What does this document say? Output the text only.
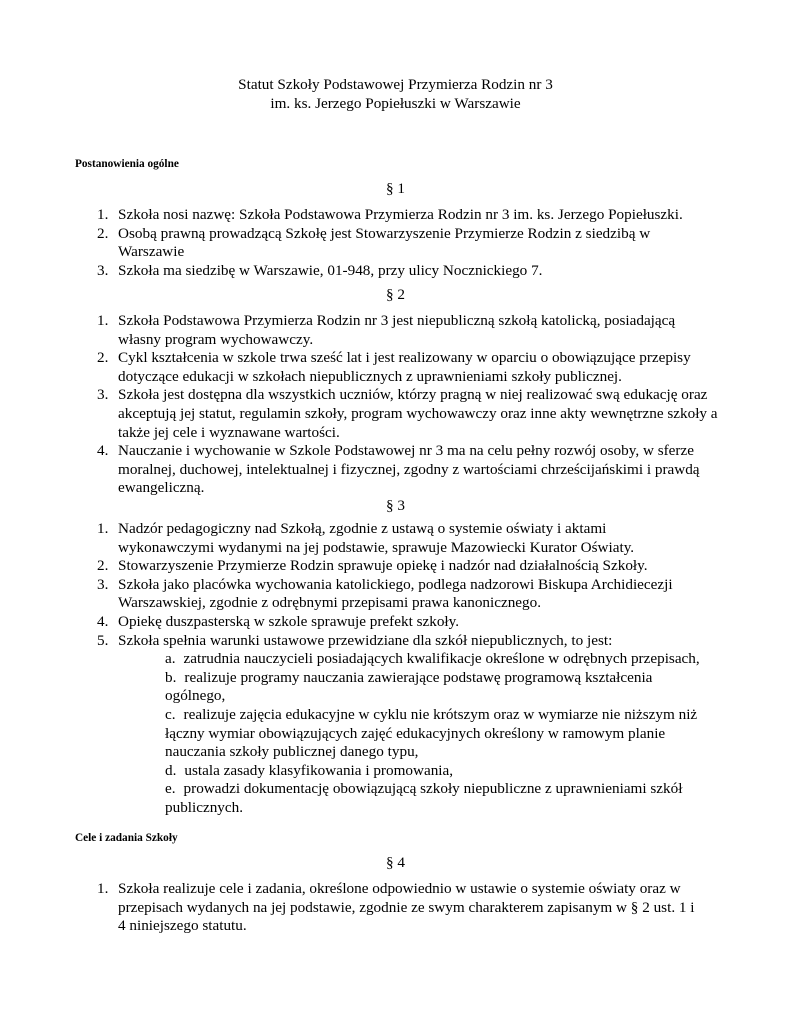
Statut Szkoły Podstawowej Przymierza Rodzin nr 3
im. ks. Jerzego Popiełuszki w Warszawie
Postanowienia ogólne
§ 1
1. Szkoła nosi nazwę: Szkoła Podstawowa Przymierza Rodzin nr 3 im. ks. Jerzego Popiełuszki.
2. Osobą prawną prowadzącą Szkołę jest Stowarzyszenie Przymierze Rodzin z siedzibą w Warszawie
3. Szkoła ma siedzibę w Warszawie, 01-948, przy ulicy Nocznickiego 7.
§ 2
1. Szkoła Podstawowa Przymierza Rodzin nr 3 jest niepubliczną szkołą katolicką, posiadającą własny program wychowawczy.
2. Cykl kształcenia w szkole trwa sześć lat i jest realizowany w oparciu o obowiązujące przepisy dotyczące edukacji w szkołach niepublicznych z uprawnieniami szkoły publicznej.
3. Szkoła jest dostępna dla wszystkich uczniów, którzy pragną w niej realizować swą edukację oraz akceptują jej statut, regulamin szkoły, program wychowawczy oraz inne akty wewnętrzne szkoły a także jej cele i wyznawane wartości.
4. Nauczanie i wychowanie w Szkole Podstawowej nr 3 ma na celu pełny rozwój osoby, w sferze moralnej, duchowej, intelektualnej i fizycznej, zgodny z wartościami chrześcijańskimi i prawdą ewangeliczną.
§ 3
1. Nadzór pedagogiczny nad Szkołą, zgodnie z ustawą o systemie oświaty i aktami wykonawczymi wydanymi na jej podstawie, sprawuje Mazowiecki Kurator Oświaty.
2. Stowarzyszenie Przymierze Rodzin sprawuje opiekę i nadzór nad działalnością Szkoły.
3. Szkoła jako placówka wychowania katolickiego, podlega nadzorowi Biskupa Archidiecezji Warszawskiej, zgodnie z odrębnymi przepisami prawa kanonicznego.
4. Opiekę duszpasterską w szkole sprawuje prefekt szkoły.
5. Szkoła spełnia warunki ustawowe przewidziane dla szkół niepublicznych, to jest:
a. zatrudnia nauczycieli posiadających kwalifikacje określone w odrębnych przepisach,
b. realizuje programy nauczania zawierające podstawę programową kształcenia ogólnego,
c. realizuje zajęcia edukacyjne w cyklu nie krótszym oraz w wymiarze nie niższym niż łączny wymiar obowiązujących zajęć edukacyjnych określony w ramowym planie nauczania szkoły publicznej danego typu,
d. ustala zasady klasyfikowania i promowania,
e. prowadzi dokumentację obowiązującą szkoły niepubliczne z uprawnieniami szkół publicznych.
Cele i zadania Szkoły
§ 4
1. Szkoła realizuje cele i zadania, określone odpowiednio w ustawie o systemie oświaty oraz w przepisach wydanych na jej podstawie, zgodnie ze swym charakterem zapisanym w § 2 ust. 1 i 4 niniejszego statutu.
